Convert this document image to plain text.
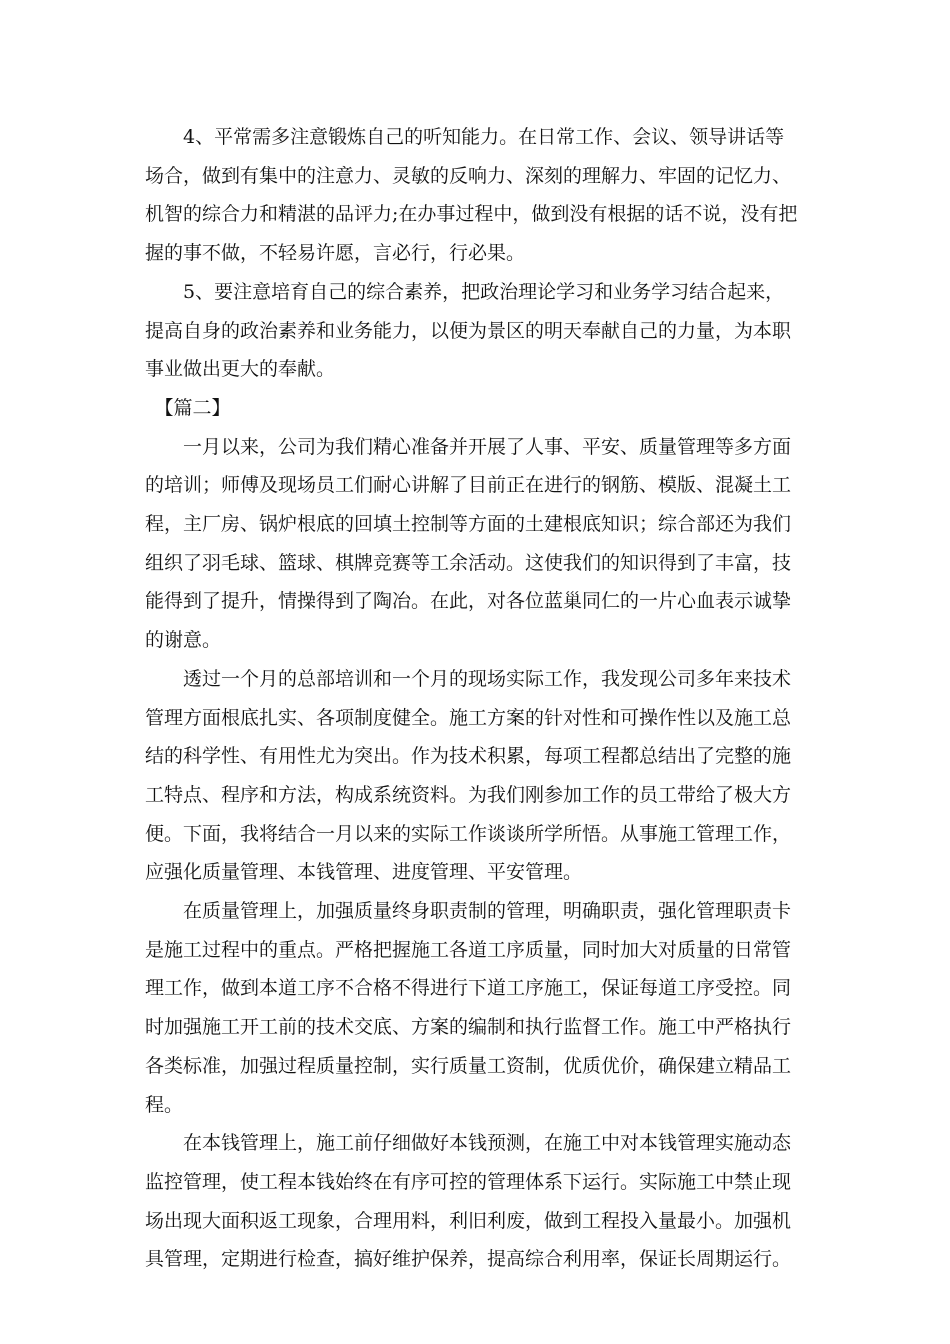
4、平常需多注意锻炼自己的听知能力。在日常工作、会议、领导讲话等
场合，做到有集中的注意力、灵敏的反响力、深刻的理解力、牢固的记忆力、
机智的综合力和精湛的品评力;在办事过程中，做到没有根据的话不说，没有把
握的事不做，不轻易许愿，言必行，行必果。

5、要注意培育自己的综合素养，把政治理论学习和业务学习结合起来，
提高自身的政治素养和业务能力，以便为景区的明天奉献自己的力量，为本职
事业做出更大的奉献。

【篇二】

一月以来，公司为我们精心准备并开展了人事、平安、质量管理等多方面
的培训；师傅及现场员工们耐心讲解了目前正在进行的钢筋、模版、混凝土工
程，主厂房、锅炉根底的回填土控制等方面的土建根底知识；综合部还为我们
组织了羽毛球、篮球、棋牌竞赛等工余活动。这使我们的知识得到了丰富，技
能得到了提升，情操得到了陶冶。在此，对各位蓝巢同仁的一片心血表示诚挚
的谢意。

透过一个月的总部培训和一个月的现场实际工作，我发现公司多年来技术
管理方面根底扎实、各项制度健全。施工方案的针对性和可操作性以及施工总
结的科学性、有用性尤为突出。作为技术积累，每项工程都总结出了完整的施
工特点、程序和方法，构成系统资料。为我们刚参加工作的员工带给了极大方
便。下面，我将结合一月以来的实际工作谈谈所学所悟。从事施工管理工作，
应强化质量管理、本钱管理、进度管理、平安管理。

在质量管理上，加强质量终身职责制的管理，明确职责，强化管理职责卡
是施工过程中的重点。严格把握施工各道工序质量，同时加大对质量的日常管
理工作，做到本道工序不合格不得进行下道工序施工，保证每道工序受控。同
时加强施工开工前的技术交底、方案的编制和执行监督工作。施工中严格执行
各类标准，加强过程质量控制，实行质量工资制，优质优价，确保建立精品工
程。

在本钱管理上，施工前仔细做好本钱预测，在施工中对本钱管理实施动态
监控管理，使工程本钱始终在有序可控的管理体系下运行。实际施工中禁止现
场出现大面积返工现象，合理用料，利旧利废，做到工程投入量最小。加强机
具管理，定期进行检查，搞好维护保养，提高综合利用率，保证长周期运行。
